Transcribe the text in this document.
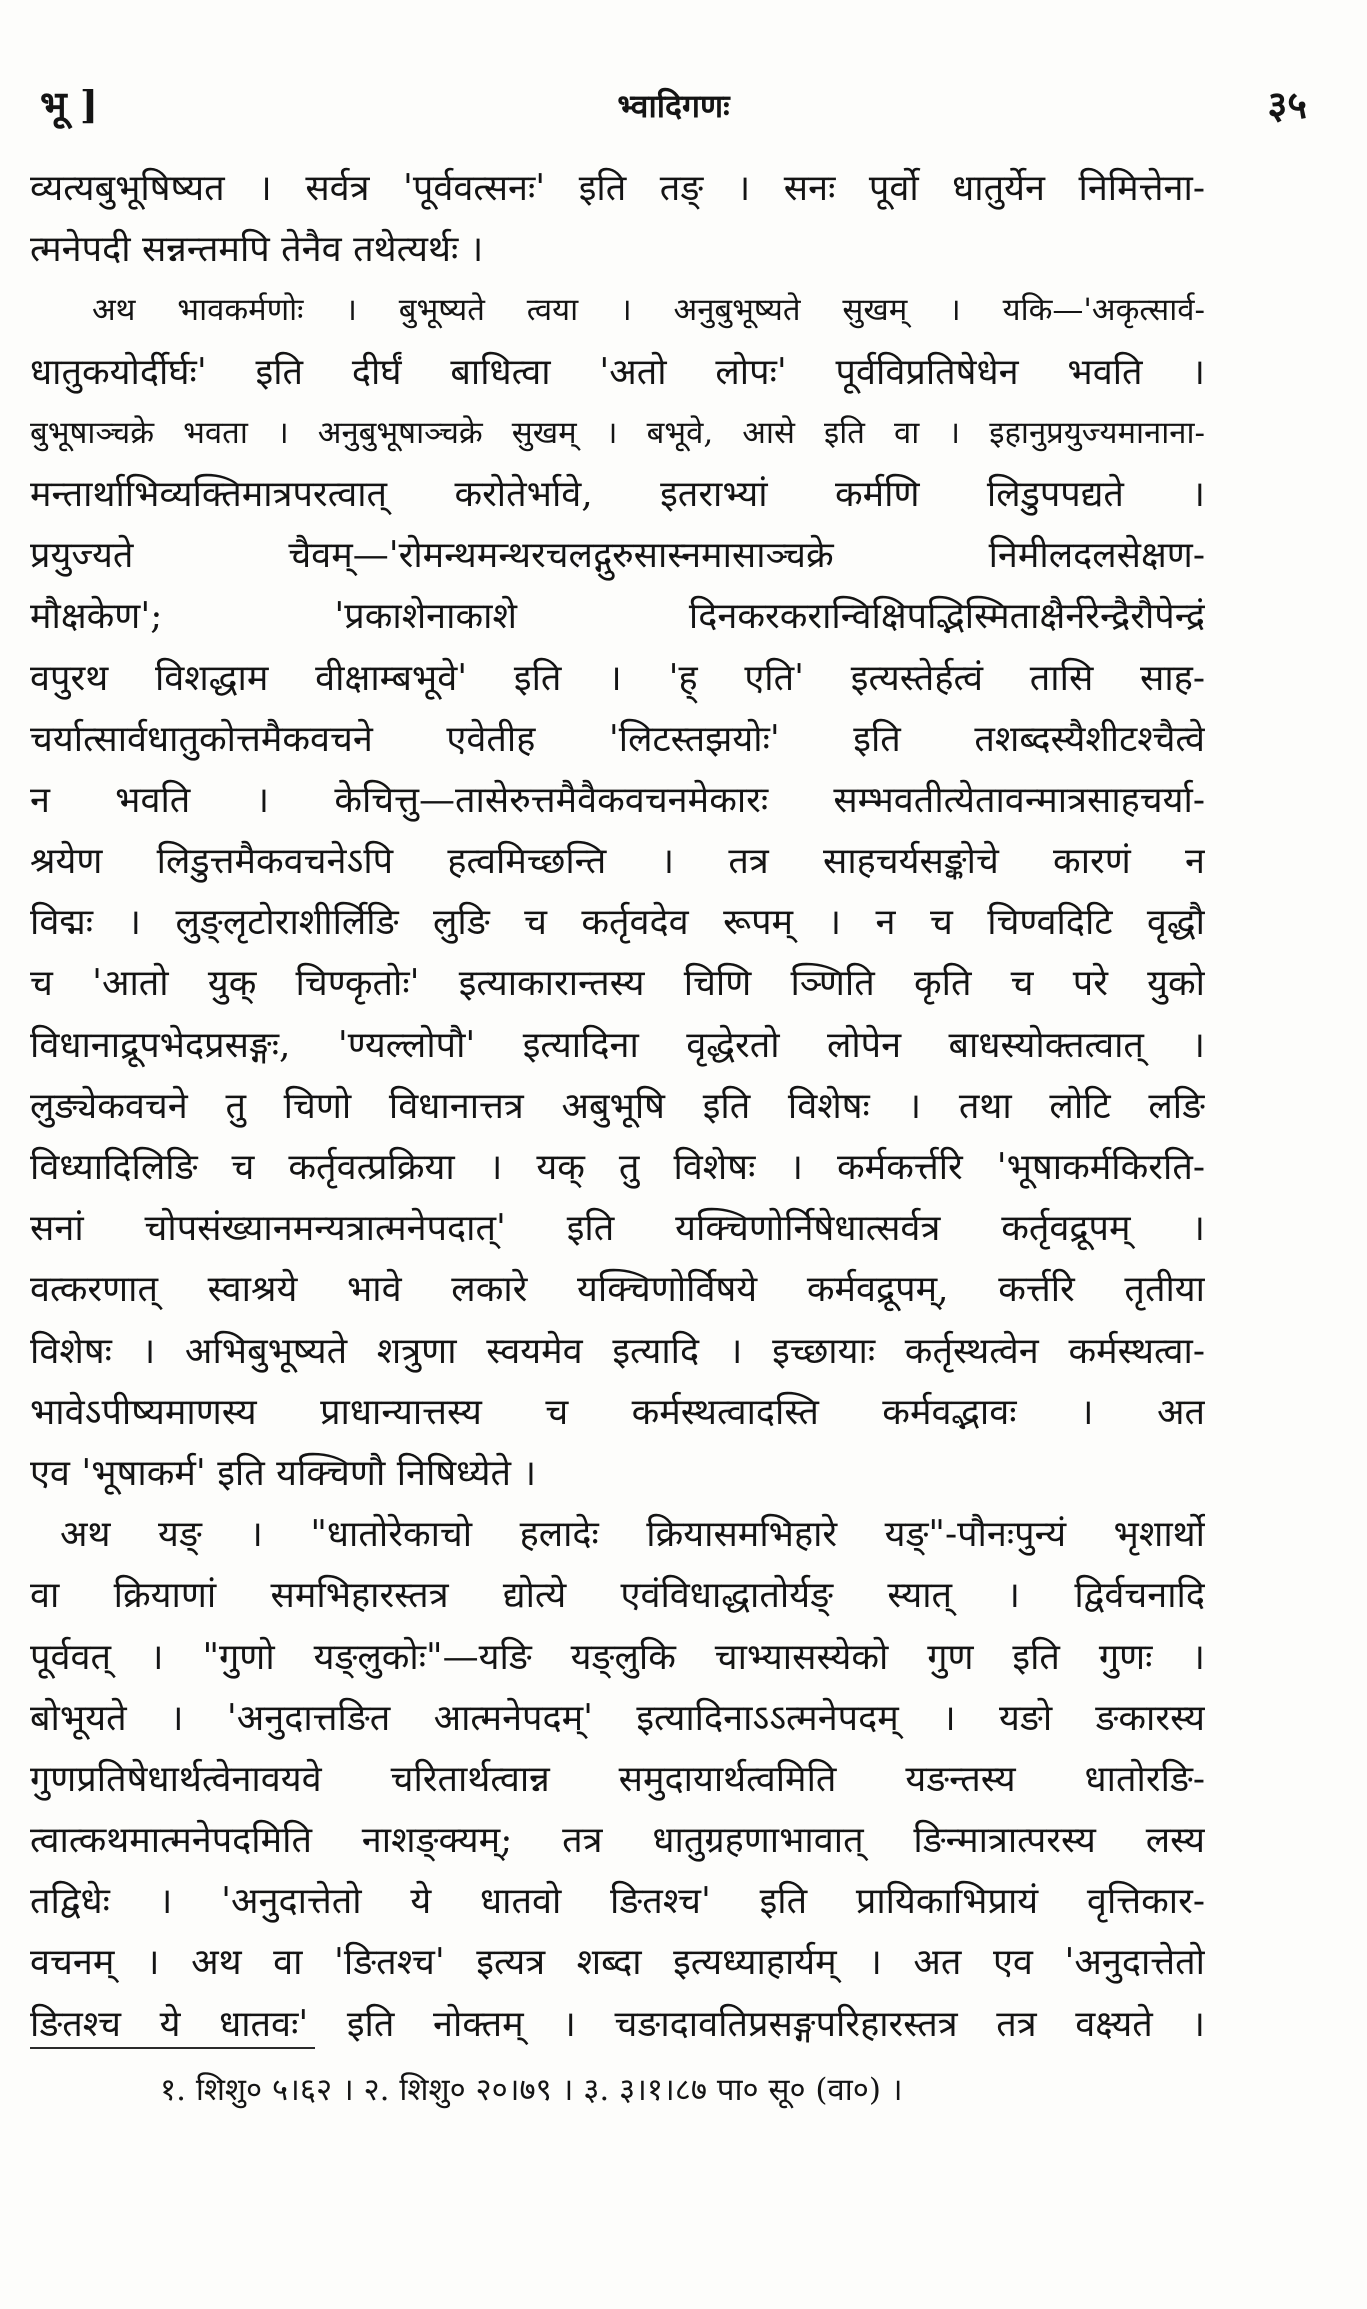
भू ]	भ्वादिगणः	३५
व्यत्यबुभूषिष्यत । सर्वत्र 'पूर्ववत्सनः' इति तङ् । सनः पूर्वो धातुर्येन निमित्तेना-
त्मनेपदी सन्नन्तमपि तेनैव तथेत्यर्थः ।
अथ भावकर्मणोः । बुभूष्यते त्वया । अनुबुभूष्यते सुखम् । यकि—'अकृत्सार्व-
धातुकयोर्दीर्घः' इति दीर्घं बाधित्वा 'अतो लोपः' पूर्वविप्रतिषेधेन भवति ।
बुभूषाञ्चक्रे भवता । अनुबुभूषाञ्चक्रे सुखम् । बभूवे, आसे इति वा । इहानुप्रयुज्यमानाना-
मन्तार्थाभिव्यक्तिमात्रपरत्वात् करोतेर्भावे, इतराभ्यां कर्मणि लिडुपपद्यते ।
प्रयुज्यते चैवम्—'रोमन्थमन्थरचलद्गुरुसास्नमासाञ्चक्रे निमीलदलसेक्षण-
मौक्षकेण'; 'प्रकाशेनाकाशे दिनकरकरान्विक्षिपद्भिस्मिताक्षैर्नरेन्द्रैरौपेन्द्रं
वपुरथ विशद्धाम वीक्षाम्बभूवे' इति । 'ह् एति' इत्यस्तेर्हत्वं तासि साह-
चर्यात्सार्वधातुकोत्तमैकवचने एवेतीह 'लिटस्तझयोः' इति तशब्दस्यैशीटश्चैत्वे
न भवति । केचित्तु—तासेरुत्तमैवैकवचनमेकारः सम्भवतीत्येतावन्मात्रसाहचर्या-
श्रयेण लिडुत्तमैकवचनेऽपि हत्वमिच्छन्ति । तत्र साहचर्यसङ्कोचे कारणं न
विद्मः । लुङ्लृटोराशीर्लिङि लुङि च कर्तृवदेव रूपम् । न च चिण्वदिटि वृद्धौ
च 'आतो युक् चिण्कृतोः' इत्याकारान्तस्य चिणि ञ्णिति कृति च परे युको
विधानाद्रूपभेदप्रसङ्गः, 'ण्यल्लोपौ' इत्यादिना वृद्धेरतो लोपेन बाधस्योक्तत्वात् ।
लुङ्येकवचने तु चिणो विधानात्तत्र अबुभूषि इति विशेषः । तथा लोटि लङि
विध्यादिलिङि च कर्तृवत्प्रक्रिया । यक् तु विशेषः । कर्मकर्त्तरि 'भूषाकर्मकिरति-
सनां चोपसंख्यानमन्यत्रात्मनेपदात्' इति यक्चिणोर्निषेधात्सर्वत्र कर्तृवद्रूपम् ।
वत्करणात् स्वाश्रये भावे लकारे यक्चिणोर्विषये कर्मवद्रूपम्, कर्त्तरि तृतीया
विशेषः । अभिबुभूष्यते शत्रुणा स्वयमेव इत्यादि । इच्छायाः कर्तृस्थत्वेन कर्मस्थत्वा-
भावेऽपीष्यमाणस्य प्राधान्यात्तस्य च कर्मस्थत्वादस्ति कर्मवद्भावः । अत
एव 'भूषाकर्म' इति यक्चिणौ निषिध्येते ।
अथ यङ् । "धातोरेकाचो हलादेः क्रियासमभिहारे यङ्"-पौनःपुन्यं भृशार्थो
वा क्रियाणां समभिहारस्तत्र द्योत्ये एवंविधाद्धातोर्यङ् स्यात् । द्विर्वचनादि
पूर्ववत् । "गुणो यङ्लुकोः"—यङि यङ्लुकि चाभ्यासस्येको गुण इति गुणः ।
बोभूयते । 'अनुदात्तङित आत्मनेपदम्' इत्यादिनाऽऽत्मनेपदम् । यङो ङकारस्य
गुणप्रतिषेधार्थत्वेनावयवे चरितार्थत्वान्न समुदायार्थत्वमिति यङन्तस्य धातोरङि-
त्वात्कथमात्मनेपदमिति नाशङ्क्यम्; तत्र धातुग्रहणाभावात् ङिन्मात्रात्परस्य लस्य
तद्विधेः । 'अनुदात्तेतो ये धातवो ङितश्च' इति प्रायिकाभिप्रायं वृत्तिकार-
वचनम् । अथ वा 'ङितश्च' इत्यत्र शब्दा इत्यध्याहार्यम् । अत एव 'अनुदात्तेतो
ङितश्च ये धातवः' इति नोक्तम् । चङादावतिप्रसङ्गपरिहारस्तत्र तत्र वक्ष्यते ।
१. शिशु० ५।६२ । २. शिशु० २०।७९ । ३. ३।१।८७ पा० सू० (वा०) ।
